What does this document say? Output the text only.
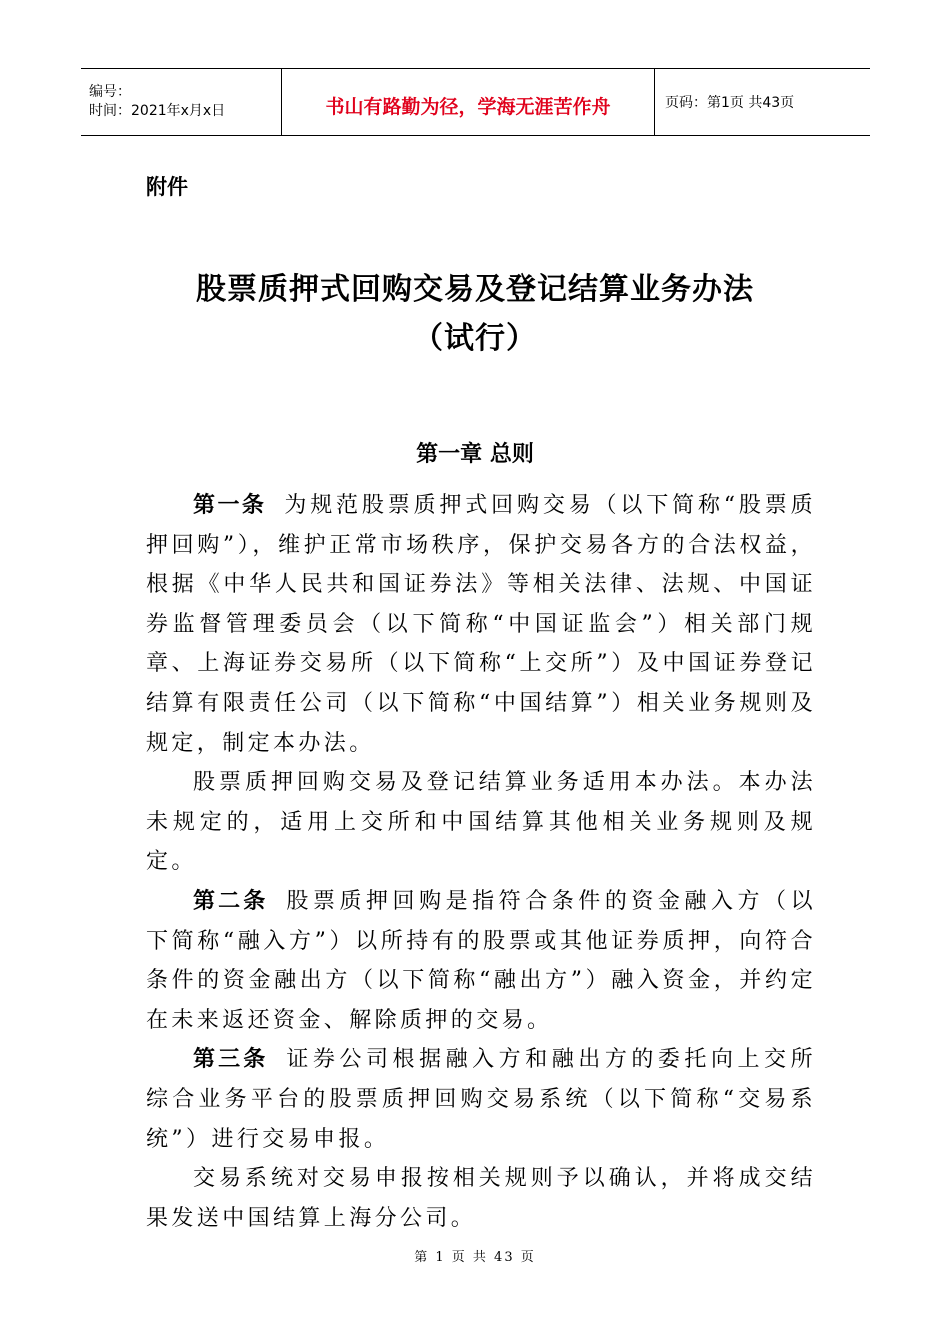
编号：
时间：2021年x月x日	书山有路勤为径，学海无涯苦作舟	页码：第1页 共43页
附件
股票质押式回购交易及登记结算业务办法
（试行）
第一章 总则

第一条 为规范股票质押式回购交易（以下简称“股票质押回购”），维护正常市场秩序，保护交易各方的合法权益，根据《中华人民共和国证券法》等相关法律、法规、中国证券监督管理委员会（以下简称“中国证监会”）相关部门规章、上海证券交易所（以下简称“上交所”）及中国证券登记结算有限责任公司（以下简称“中国结算”）相关业务规则及规定，制定本办法。

股票质押回购交易及登记结算业务适用本办法。本办法未规定的，适用上交所和中国结算其他相关业务规则及规定。

第二条 股票质押回购是指符合条件的资金融入方（以下简称“融入方”）以所持有的股票或其他证券质押，向符合条件的资金融出方（以下简称“融出方”）融入资金，并约定在未来返还资金、解除质押的交易。

第三条 证券公司根据融入方和融出方的委托向上交所综合业务平台的股票质押回购交易系统（以下简称“交易系统”）进行交易申报。

交易系统对交易申报按相关规则予以确认，并将成交结果发送中国结算上海分公司。

第 1 页 共 43 页
